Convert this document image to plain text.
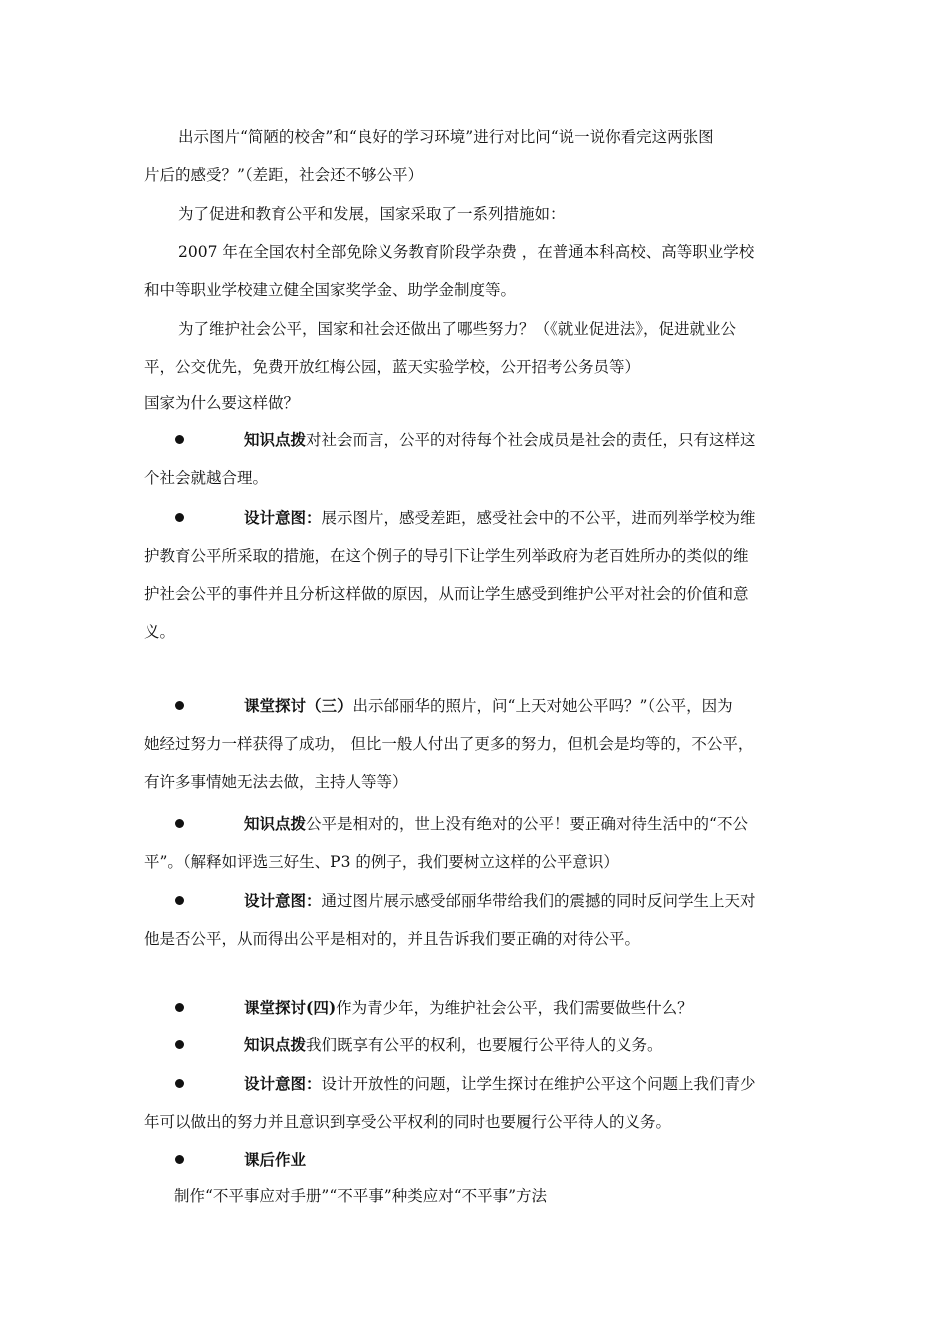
出示图片“简陋的校舍”和“良好的学习环境”进行对比问“说一说你看完这两张图
片后的感受？”（差距，社会还不够公平）
为了促进和教育公平和发展，国家采取了一系列措施如：
2007 年在全国农村全部免除义务教育阶段学杂费 ，在普通本科高校、高等职业学校
和中等职业学校建立健全国家奖学金、助学金制度等。
为了维护社会公平，国家和社会还做出了哪些努力？（《就业促进法》，促进就业公
平，公交优先，免费开放红梅公园，蓝天实验学校，公开招考公务员等）
国家为什么要这样做？
知识点拨对社会而言，公平的对待每个社会成员是社会的责任，只有这样这
个社会就越合理。
设计意图：展示图片，感受差距，感受社会中的不公平，进而列举学校为维
护教育公平所采取的措施，在这个例子的导引下让学生列举政府为老百姓所办的类似的维
护社会公平的事件并且分析这样做的原因，从而让学生感受到维护公平对社会的价值和意
义。
课堂探讨（三）出示邰丽华的照片，问“上天对她公平吗？”（公平，因为
她经过努力一样获得了成功， 但比一般人付出了更多的努力，但机会是均等的，不公平，
有许多事情她无法去做，主持人等等）
知识点拨公平是相对的，世上没有绝对的公平！要正确对待生活中的“不公
平”。（解释如评选三好生、P3 的例子，我们要树立这样的公平意识）
设计意图：通过图片展示感受邰丽华带给我们的震撼的同时反问学生上天对
他是否公平，从而得出公平是相对的，并且告诉我们要正确的对待公平。
课堂探讨(四)作为青少年，为维护社会公平，我们需要做些什么？
知识点拨我们既享有公平的权利，也要履行公平待人的义务。
设计意图：设计开放性的问题，让学生探讨在维护公平这个问题上我们青少
年可以做出的努力并且意识到享受公平权利的同时也要履行公平待人的义务。
课后作业
制作“不平事应对手册”“不平事”种类应对“不平事”方法
